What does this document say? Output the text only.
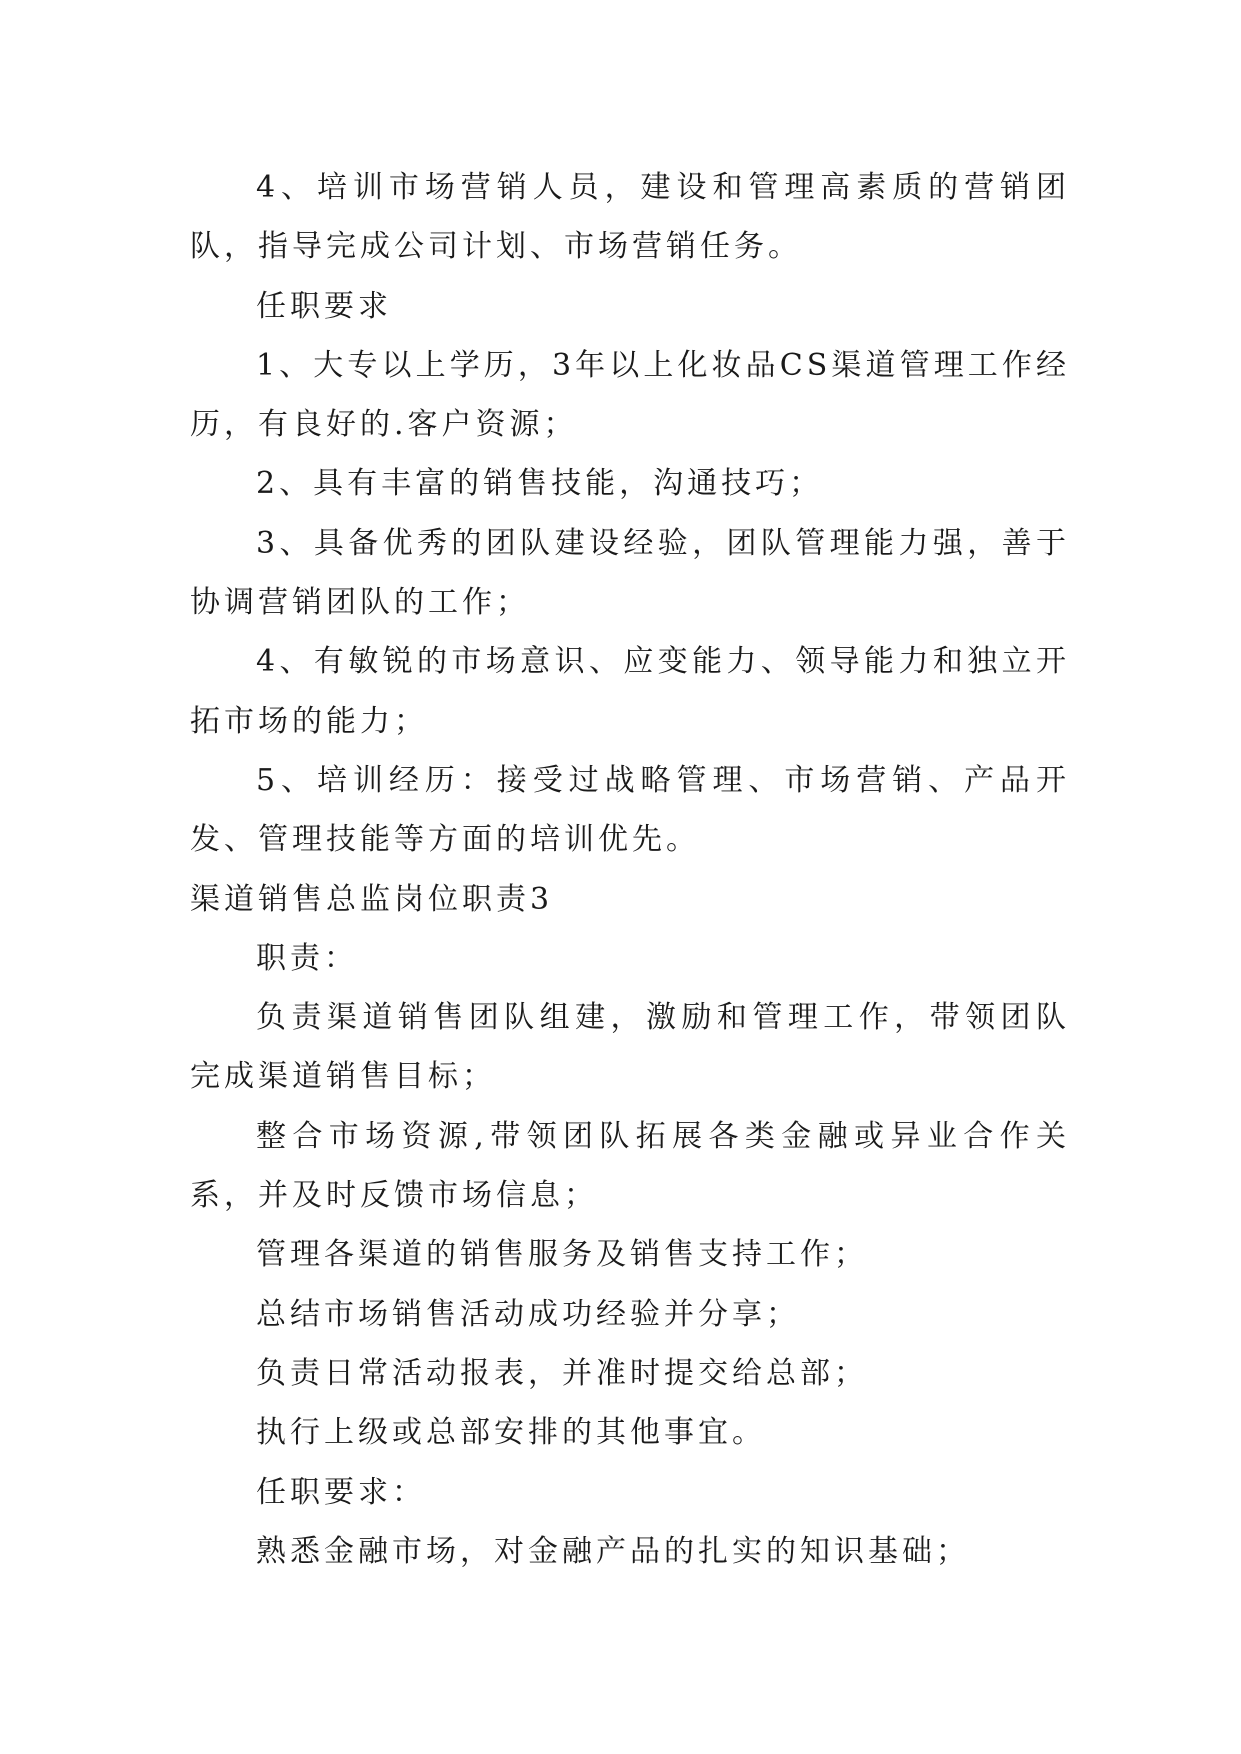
4、培训市场营销人员，建设和管理高素质的营销团队，指导完成公司计划、市场营销任务。

任职要求

1、大专以上学历，3年以上化妆品CS渠道管理工作经历，有良好的.客户资源；

2、具有丰富的销售技能，沟通技巧；

3、具备优秀的团队建设经验，团队管理能力强，善于协调营销团队的工作；

4、有敏锐的市场意识、应变能力、领导能力和独立开拓市场的能力；

5、培训经历：接受过战略管理、市场营销、产品开发、管理技能等方面的培训优先。

渠道销售总监岗位职责3

职责：

负责渠道销售团队组建，激励和管理工作，带领团队完成渠道销售目标；

整合市场资源,带领团队拓展各类金融或异业合作关系，并及时反馈市场信息；

管理各渠道的销售服务及销售支持工作；

总结市场销售活动成功经验并分享；

负责日常活动报表，并准时提交给总部；

执行上级或总部安排的其他事宜。

任职要求：

熟悉金融市场，对金融产品的扎实的知识基础；
